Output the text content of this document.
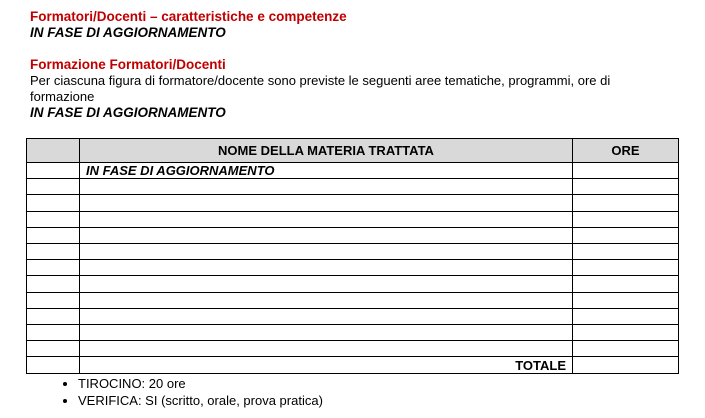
Formatori/Docenti – caratteristiche e competenze

IN FASE DI AGGIORNAMENTO

Formazione Formatori/Docenti

Per ciascuna figura di formatore/docente sono previste le seguenti aree tematiche, programmi, ore di formazione

IN FASE DI AGGIORNAMENTO

	NOME DELLA MATERIA TRATTATA	ORE
	IN FASE DI AGGIORNAMENTO	

	TOTALE	
• TIROCINO: 20 ore
• VERIFICA: SI (scritto, orale, prova pratica)
